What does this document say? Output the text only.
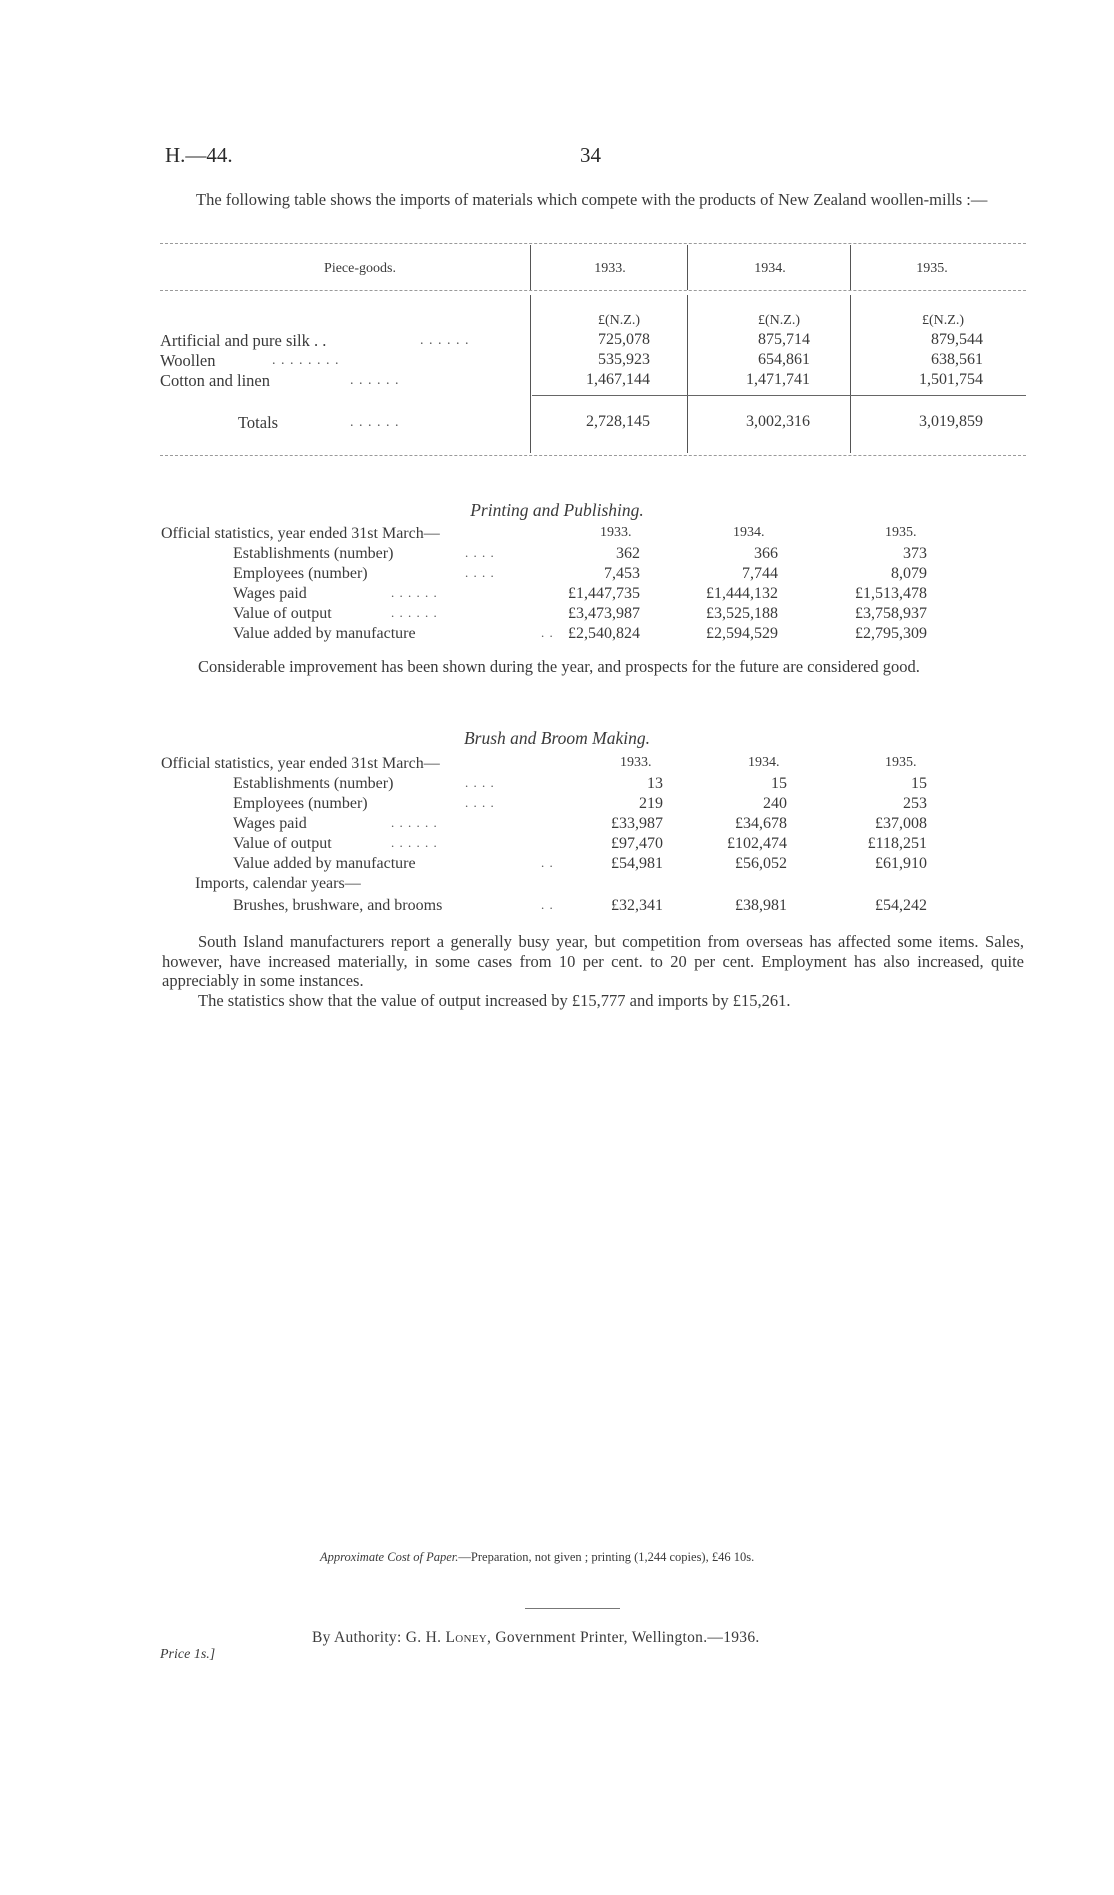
H.—44.	34
The following table shows the imports of materials which compete with the products of New Zealand woollen-mills :—
Piece-goods.	1933.	1934.	1935.
£(N.Z.)	£(N.Z.)	£(N.Z.)
Artificial and pure silk . .	. . . . . .	725,078	875,714	879,544
Woollen	. . . . . . . .	535,923	654,861	638,561
Cotton and linen	. . . . . .	1,467,144	1,471,741	1,501,754
Totals	. . . . . .	2,728,145	3,002,316	3,019,859
Printing and Publishing.
Official statistics, year ended 31st March—	1933.	1934.	1935.
Establishments (number)	. . . .	362	366	373
Employees (number)	. . . .	7,453	7,744	8,079
Wages paid	. . . . . .	£1,447,735	£1,444,132	£1,513,478
Value of output	. . . . . .	£3,473,987	£3,525,188	£3,758,937
Value added by manufacture	. . £2,540,824	£2,594,529	£2,795,309
Considerable improvement has been shown during the year, and prospects for the future are considered good.
Brush and Broom Making.
Official statistics, year ended 31st March—	1933.	1934.	1935.
Establishments (number)	. . . .	13	15	15
Employees (number)	. . . .	219	240	253
Wages paid	. . . . . .	£33,987	£34,678	£37,008
Value of output	. . . . . .	£97,470	£102,474	£118,251
Value added by manufacture	. .	£54,981	£56,052	£61,910
Imports, calendar years—
Brushes, brushware, and brooms	. .	£32,341	£38,981	£54,242
South Island manufacturers report a generally busy year, but competition from overseas has affected some items. Sales, however, have increased materially, in some cases from 10 per cent. to 20 per cent. Employment has also increased, quite appreciably in some instances.
The statistics show that the value of output increased by £15,777 and imports by £15,261.
Approximate Cost of Paper.—Preparation, not given ; printing (1,244 copies), £46 10s.
By Authority: G. H. Loney, Government Printer, Wellington.—1936.
Price 1s.]
